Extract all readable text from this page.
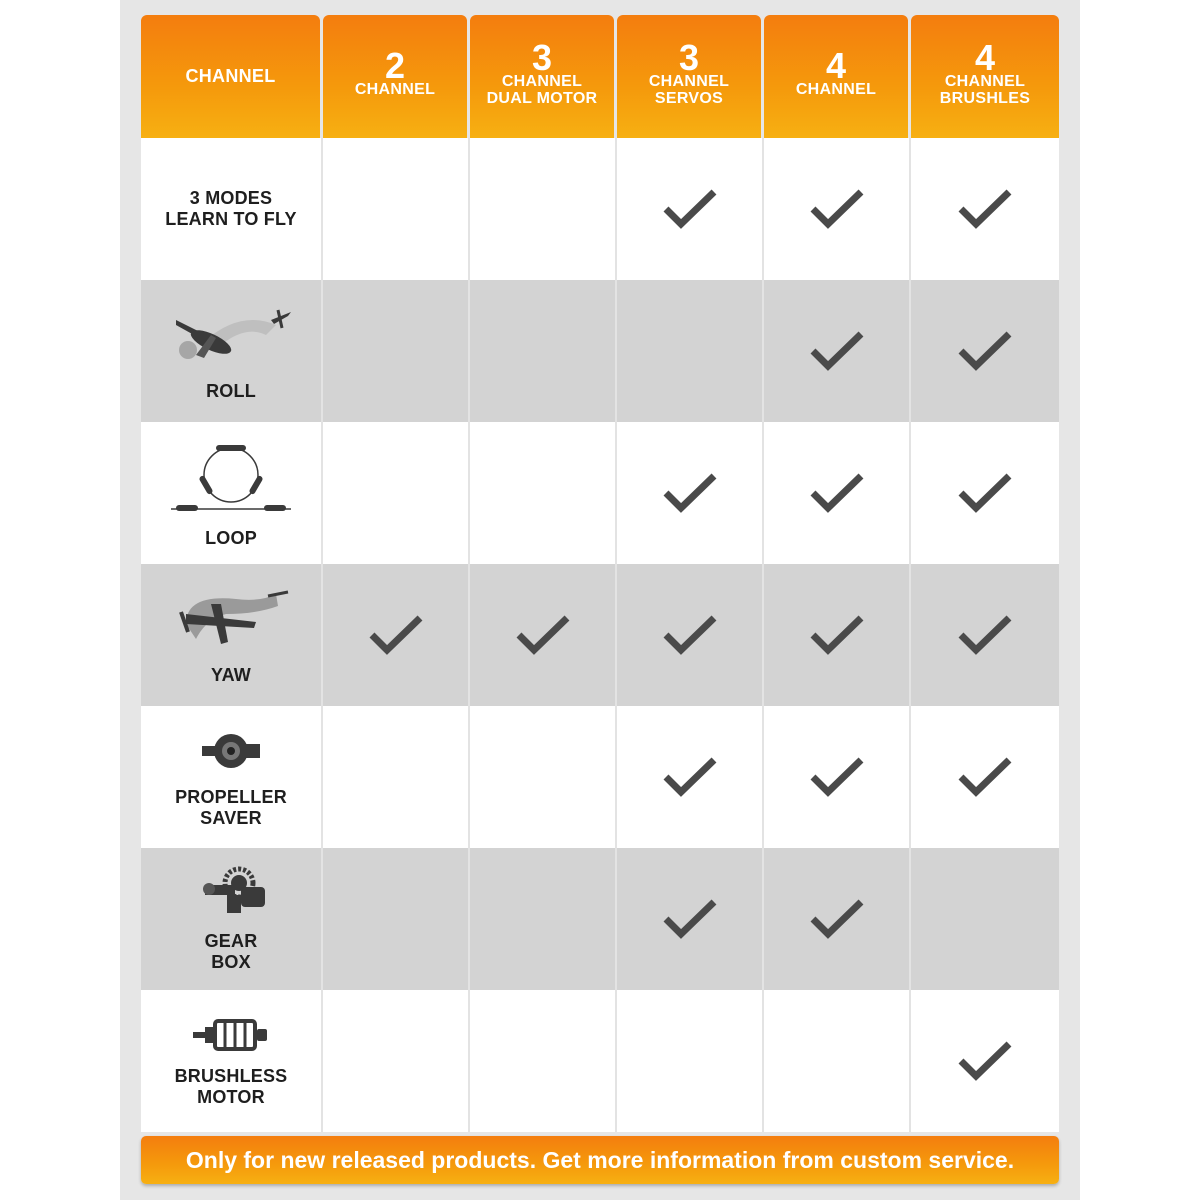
CHANNEL	2
CHANNEL
3
CHANNEL
DUAL MOTOR
3
CHANNEL
SERVOS
4
CHANNEL
4
CHANNEL
BRUSHLES
3 MODES
LEARN TO FLY
ROLL
LOOP
YAW
PROPELLER
SAVER
GEAR
BOX
BRUSHLESS
MOTOR
Only for new released products. Get more information from custom service.
